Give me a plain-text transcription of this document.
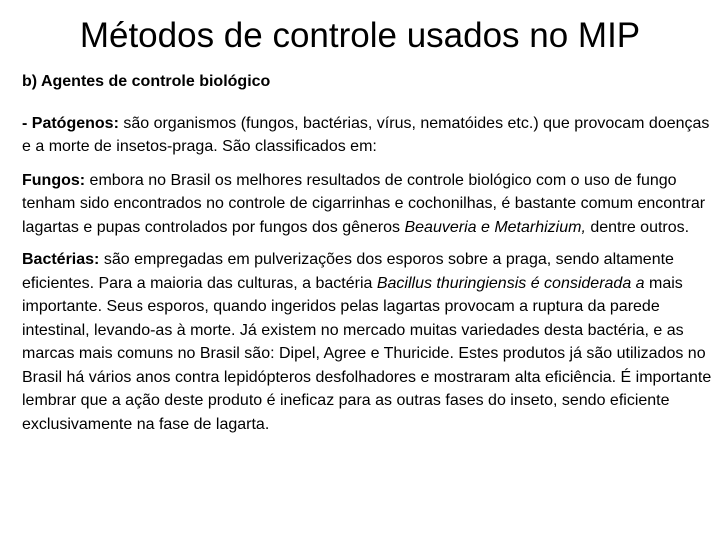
Métodos de controle usados no MIP
b) Agentes de controle biológico

- Patógenos: são organismos (fungos, bactérias, vírus, nematóides etc.) que provocam doenças e a morte de insetos-praga. São classificados em:

Fungos: embora no Brasil os melhores resultados de controle biológico com o uso de fungo tenham sido encontrados no controle de cigarrinhas e cochonilhas, é bastante comum encontrar lagartas e pupas controlados por fungos dos gêneros Beauveria e Metarhizium, dentre outros.

Bactérias: são empregadas em pulverizações dos esporos sobre a praga, sendo altamente eficientes. Para a maioria das culturas, a bactéria Bacillus thuringiensis é considerada a mais importante. Seus esporos, quando ingeridos pelas lagartas provocam a ruptura da parede intestinal, levando-as à morte. Já existem no mercado muitas variedades desta bactéria, e as marcas mais comuns no Brasil são: Dipel, Agree e Thuricide. Estes produtos já são utilizados no Brasil há vários anos contra lepidópteros desfolhadores e mostraram alta eficiência. É importante lembrar que a ação deste produto é ineficaz para as outras fases do inseto, sendo eficiente exclusivamente na fase de lagarta.
